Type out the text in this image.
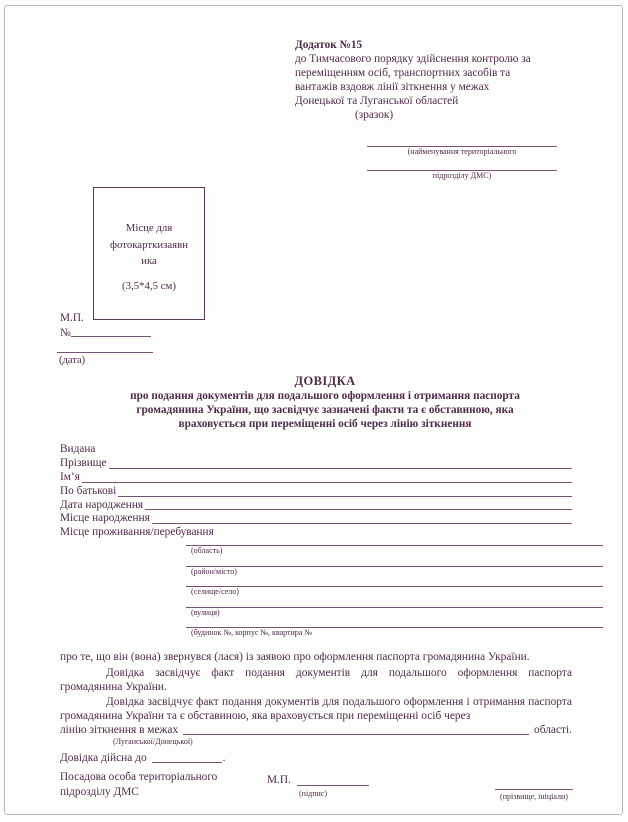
Додаток №15
до Тимчасового порядку здійснення контролю за
переміщенням осіб, транспортних засобів та
вантажів вздовж лінії зіткнення у межах
Донецької та Луганської областей
(зразок)
(найменування територіального
підрозділу ДМС)
Місце для
фотокарткизаявн
ика
(3,5*4,5 см)
М.П.
№
(дата)
ДОВІДКА
про подання документів для подальшого оформлення і отримання паспорта
громадянина України, що засвідчує зазначені факти та є обставиною, яка
враховується при переміщенні осіб через лінію зіткнення
Видана
Прізвище
Ім’я
По батькові
Дата народження
Місце народження
Місце проживання/перебування
(область)
(район/місто)
(селище/село)
(вулиця)
(будинок №, корпус №, квартира №

про те, що він (вона) звернувся (лася) із заявою про оформлення паспорта громадянина України.

Довідка засвідчує факт подання документів для подальшого оформлення паспорта громадянина України.

Довідка засвідчує факт подання документів для подальшого оформлення і отримання паспорта громадянина України та є обставиною, яка враховується при переміщенні осіб через

лінію зіткнення в межах	області.
(Луганської/Донецької)
Довідка дійсна до	.
Посадова особа територіального
підрозділу ДМС
М.П.
(підпис)	(прізвище, ініціали)
